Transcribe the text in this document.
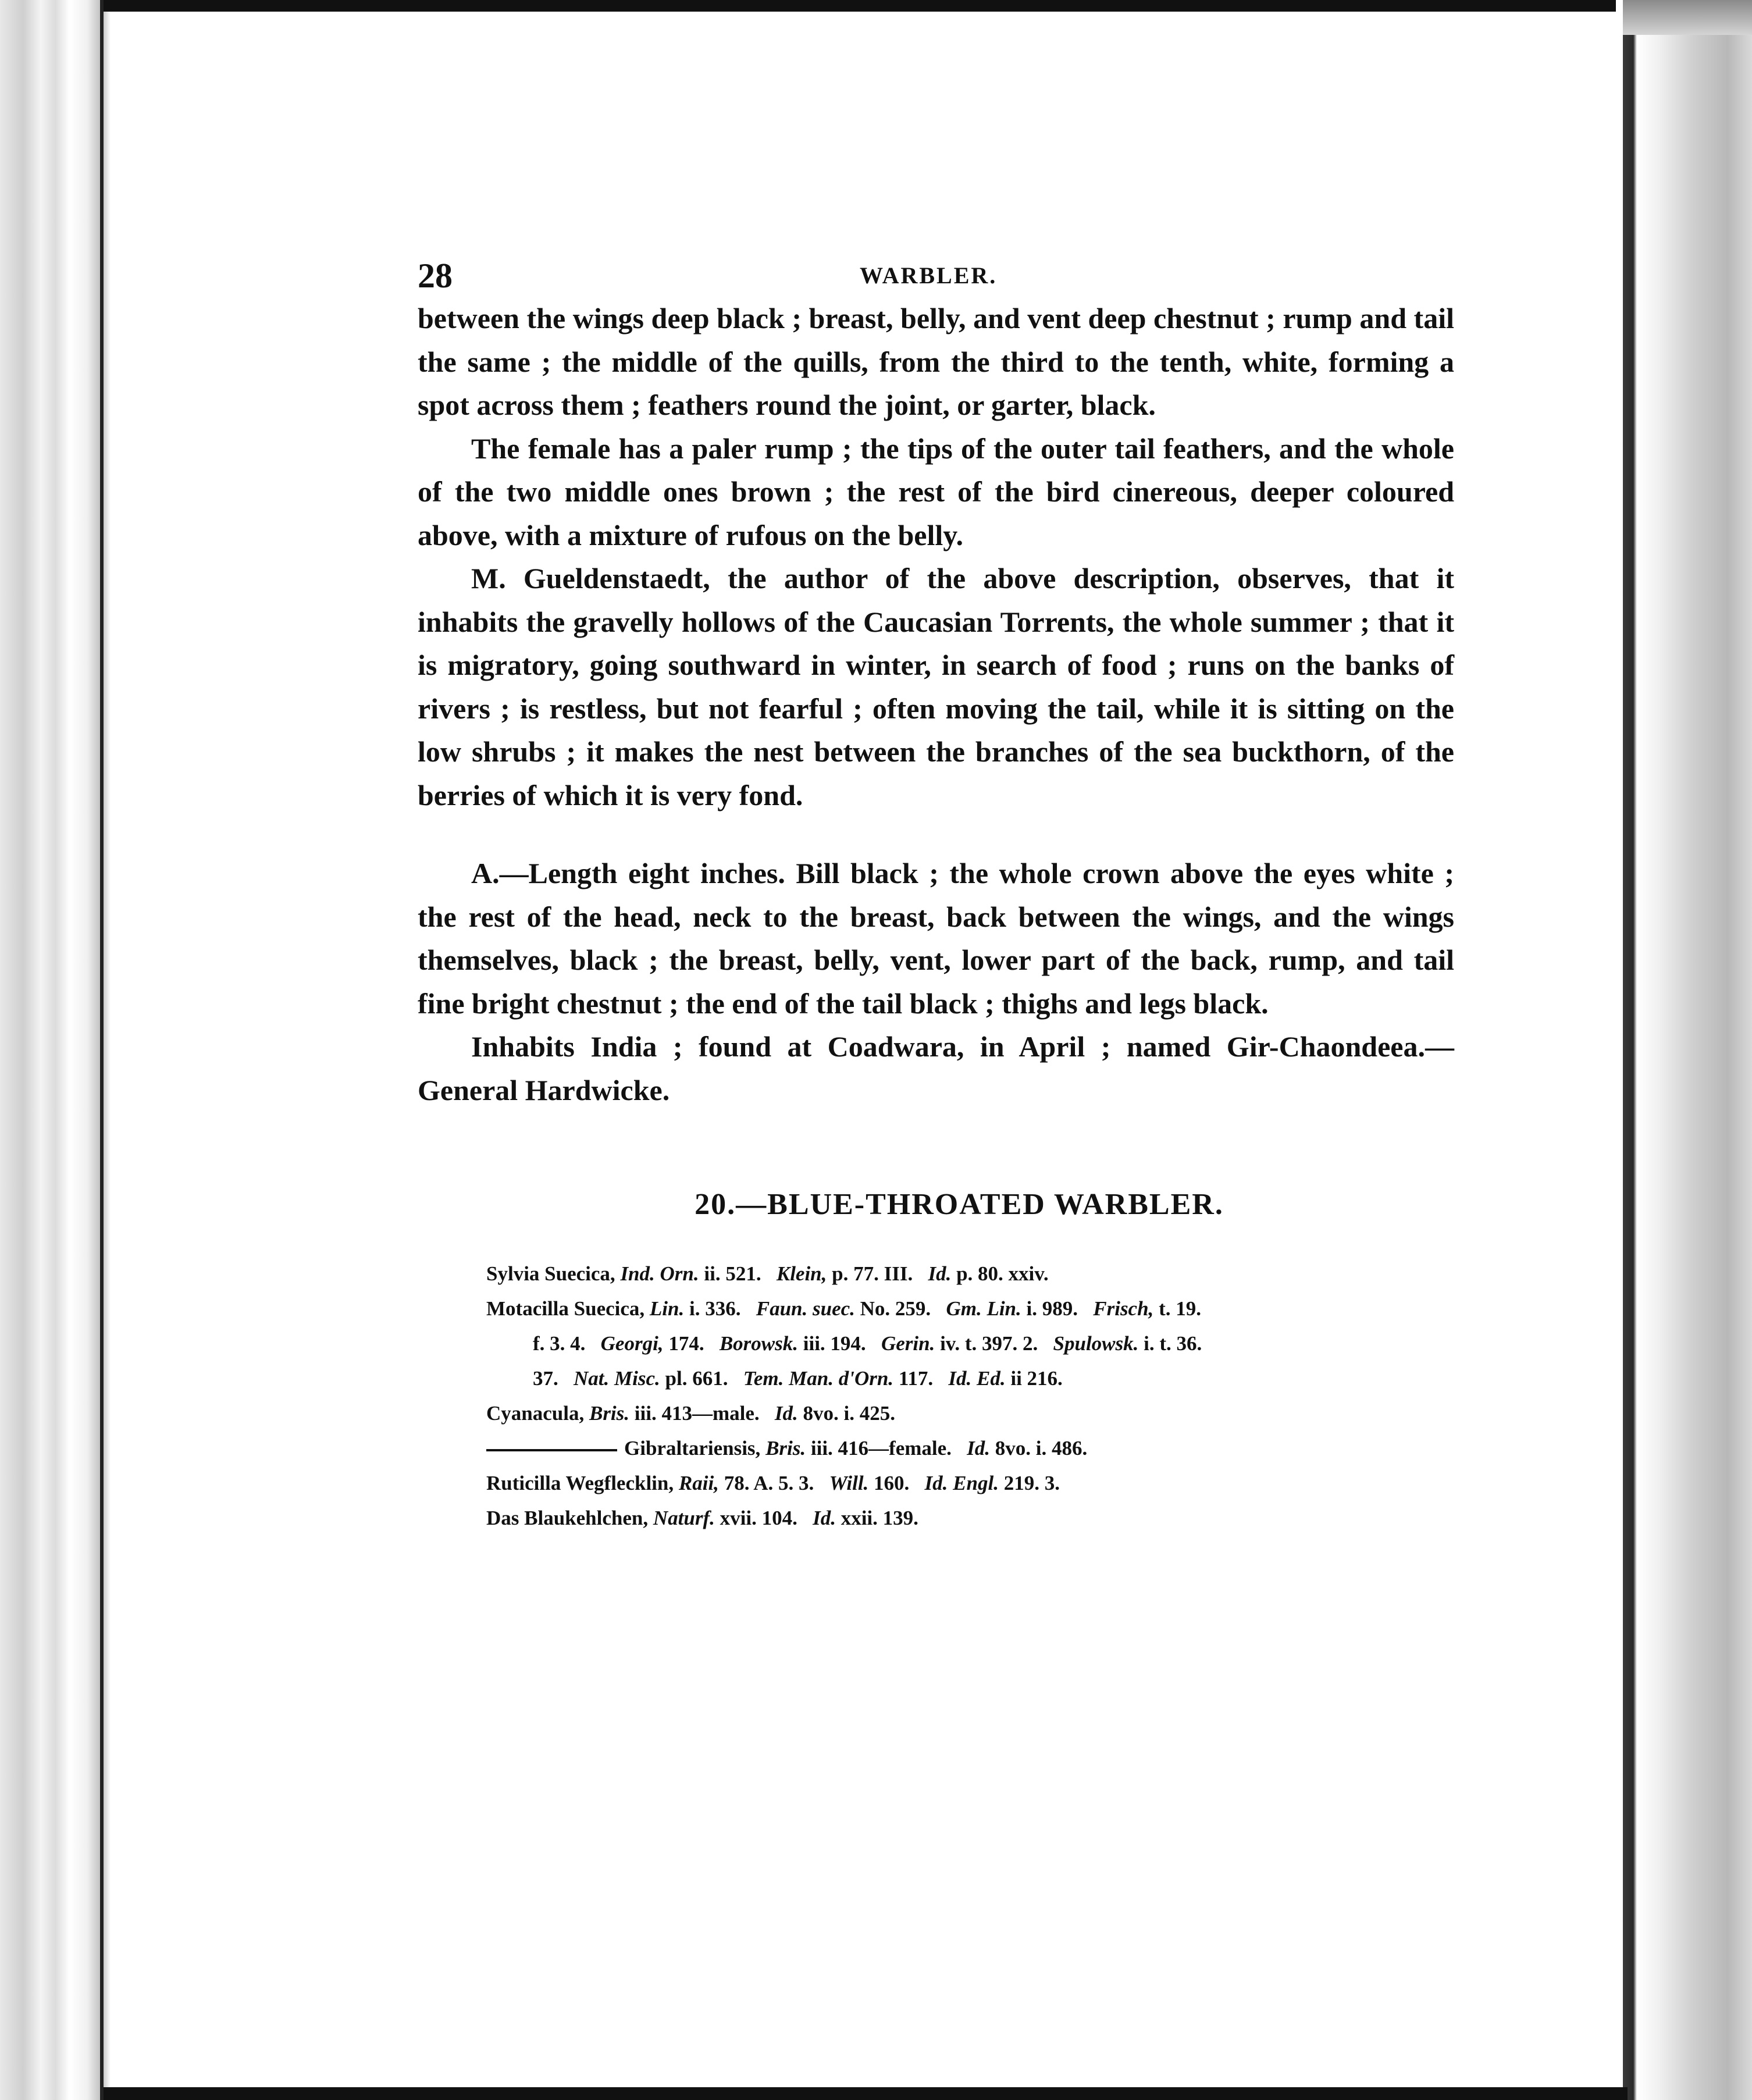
28	WARBLER.

between the wings deep black ; breast, belly, and vent deep chestnut ; rump and tail the same ; the middle of the quills, from the third to the tenth, white, forming a spot across them ; feathers round the joint, or garter, black.

The female has a paler rump ; the tips of the outer tail feathers, and the whole of the two middle ones brown ; the rest of the bird cinereous, deeper coloured above, with a mixture of rufous on the belly.

M. Gueldenstaedt, the author of the above description, observes, that it inhabits the gravelly hollows of the Caucasian Torrents, the whole summer ; that it is migratory, going southward in winter, in search of food ; runs on the banks of rivers ; is restless, but not fearful ; often moving the tail, while it is sitting on the low shrubs ; it makes the nest between the branches of the sea buckthorn, of the berries of which it is very fond.

A.—Length eight inches. Bill black ; the whole crown above the eyes white ; the rest of the head, neck to the breast, back between the wings, and the wings themselves, black ; the breast, belly, vent, lower part of the back, rump, and tail fine bright chestnut ; the end of the tail black ; thighs and legs black.

Inhabits India ; found at Coadwara, in April ; named Gir-Chaondeea.—General Hardwicke.

20.—BLUE-THROATED WARBLER.
Sylvia Suecica, Ind. Orn. ii. 521.   Klein, p. 77. III.   Id. p. 80. xxiv.
Motacilla Suecica, Lin. i. 336.   Faun. suec. No. 259.   Gm. Lin. i. 989.   Frisch, t. 19.
f. 3. 4.   Georgi, 174.   Borowsk. iii. 194.   Gerin. iv. t. 397. 2.   Spulowsk. i. t. 36.
37.   Nat. Misc. pl. 661.   Tem. Man. d'Orn. 117.   Id. Ed. ii 216.
Cyanacula, Bris. iii. 413—male.   Id. 8vo. i. 425.
Gibraltariensis, Bris. iii. 416—female.   Id. 8vo. i. 486.
Ruticilla Wegflecklin, Raii, 78. A. 5. 3.   Will. 160.   Id. Engl. 219. 3.
Das Blaukehlchen, Naturf. xvii. 104.   Id. xxii. 139.
